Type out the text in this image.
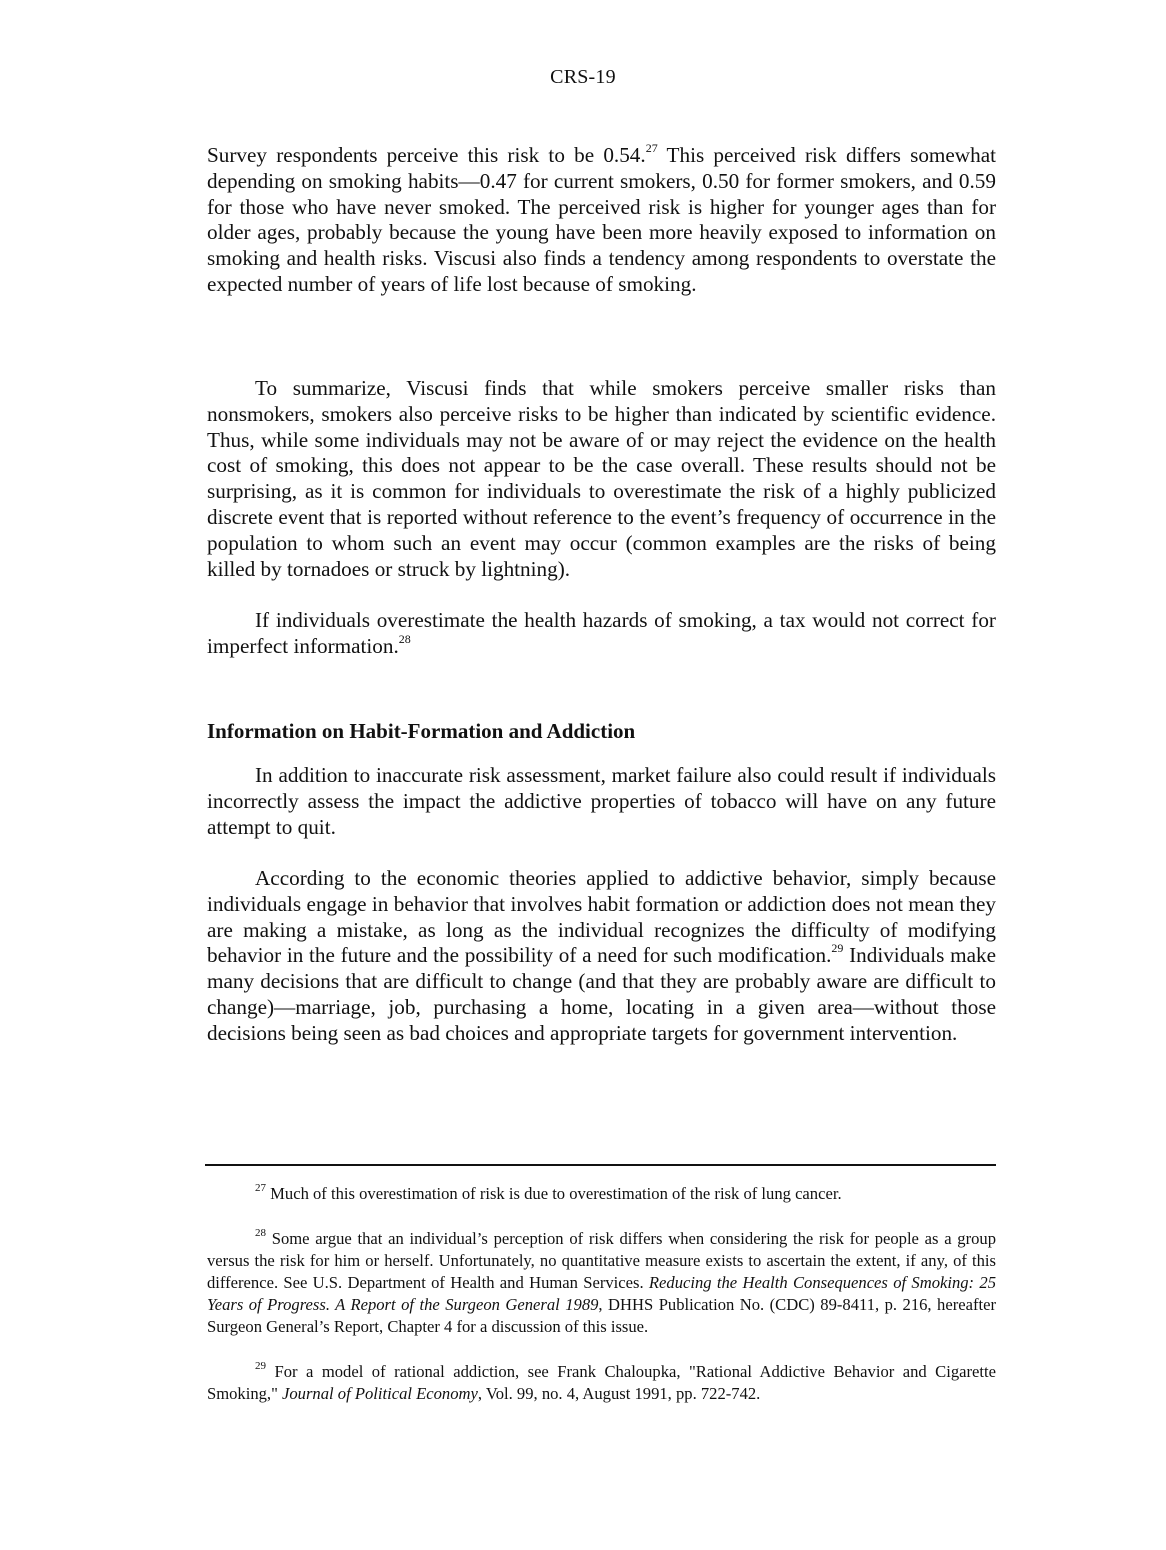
CRS-19

Survey respondents perceive this risk to be 0.54.27 This perceived risk differs somewhat depending on smoking habits—0.47 for current smokers, 0.50 for former smokers, and 0.59 for those who have never smoked. The perceived risk is higher for younger ages than for older ages, probably because the young have been more heavily exposed to information on smoking and health risks. Viscusi also finds a tendency among respondents to overstate the expected number of years of life lost because of smoking.

To summarize, Viscusi finds that while smokers perceive smaller risks than nonsmokers, smokers also perceive risks to be higher than indicated by scientific evidence. Thus, while some individuals may not be aware of or may reject the evidence on the health cost of smoking, this does not appear to be the case overall. These results should not be surprising, as it is common for individuals to overestimate the risk of a highly publicized discrete event that is reported without reference to the event’s frequency of occurrence in the population to whom such an event may occur (common examples are the risks of being killed by tornadoes or struck by lightning).

If individuals overestimate the health hazards of smoking, a tax would not correct for imperfect information.$^{28}$

Information on Habit-Formation and Addiction

In addition to inaccurate risk assessment, market failure also could result if individuals incorrectly assess the impact the addictive properties of tobacco will have on any future attempt to quit.

According to the economic theories applied to addictive behavior, simply because individuals engage in behavior that involves habit formation or addiction does not mean they are making a mistake, as long as the individual recognizes the difficulty of modifying behavior in the future and the possibility of a need for such modification.$^{29}$ Individuals make many decisions that are difficult to change (and that they are probably aware are difficult to change)—marriage, job, purchasing a home, locating in a given area—without those decisions being seen as bad choices and appropriate targets for government intervention.

$^{27}$ Much of this overestimation of risk is due to overestimation of the risk of lung cancer.

$^{28}$ Some argue that an individual’s perception of risk differs when considering the risk for people as a group versus the risk for him or herself. Unfortunately, no quantitative measure exists to ascertain the extent, if any, of this difference. See U.S. Department of Health and Human Services. Reducing the Health Consequences of Smoking: 25 Years of Progress. A Report of the Surgeon General 1989, DHHS Publication No. (CDC) 89-8411, p. 216, hereafter Surgeon General’s Report, Chapter 4 for a discussion of this issue.

$^{29}$ For a model of rational addiction, see Frank Chaloupka, "Rational Addictive Behavior and Cigarette Smoking," Journal of Political Economy, Vol. 99, no. 4, August 1991, pp. 722-742.
